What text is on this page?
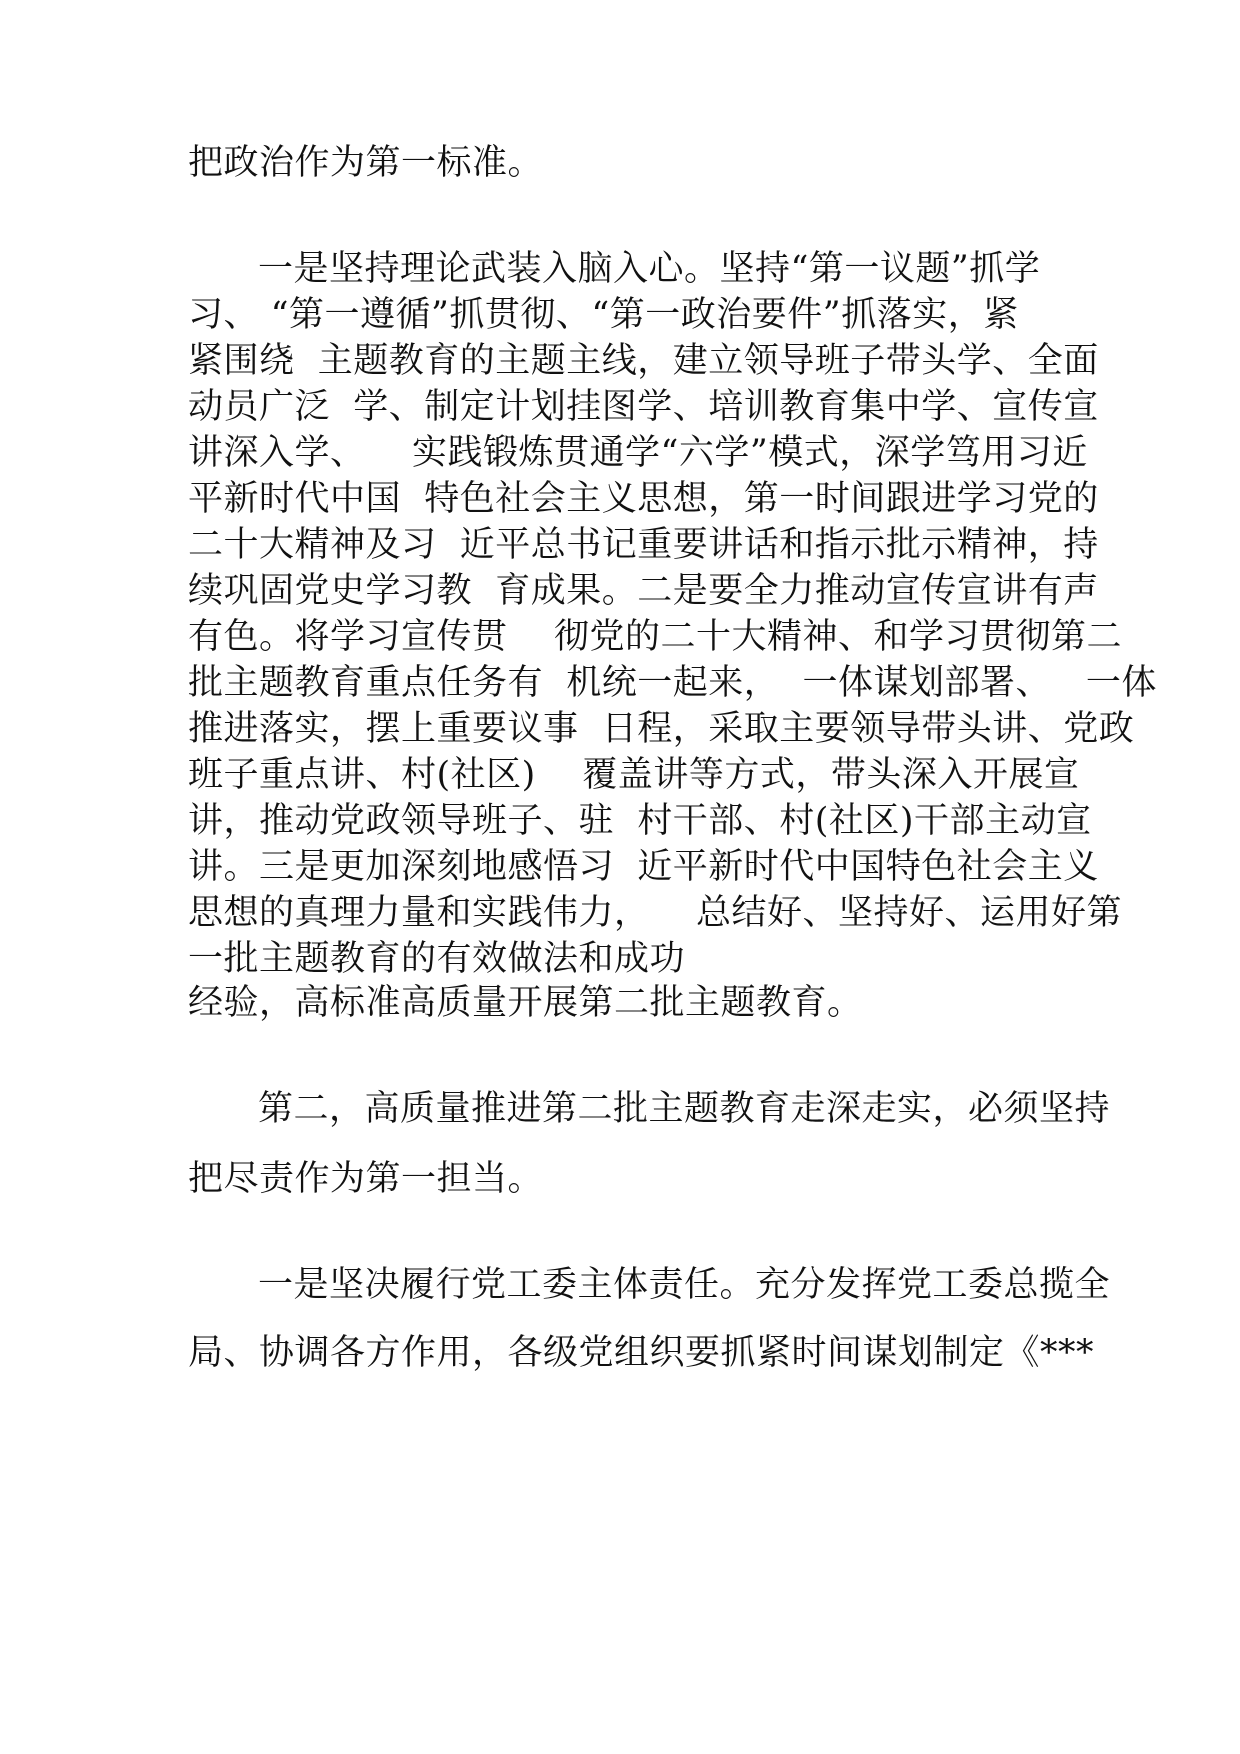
把政治作为第一标准。
一是坚持理论武装入脑入心。坚持“第一议题”抓学
习、 “第一遵循”抓贯彻、“第一政治要件”抓落实，紧
紧围绕  主题教育的主题主线，建立领导班子带头学、全面
动员广泛  学、制定计划挂图学、培训教育集中学、宣传宣
讲深入学、    实践锻炼贯通学“六学”模式，深学笃用习近
平新时代中国  特色社会主义思想，第一时间跟进学习党的
二十大精神及习  近平总书记重要讲话和指示批示精神，持
续巩固党史学习教  育成果。二是要全力推动宣传宣讲有声
有色。将学习宣传贯    彻党的二十大精神、和学习贯彻第二
批主题教育重点任务有  机统一起来，  一体谋划部署、   一体
推进落实，摆上重要议事  日程，采取主要领导带头讲、党政
班子重点讲、村(社区)    覆盖讲等方式，带头深入开展宣
讲，推动党政领导班子、驻  村干部、村(社区)干部主动宣
讲。三是更加深刻地感悟习  近平新时代中国特色社会主义
思想的真理力量和实践伟力，    总结好、坚持好、运用好第
一批主题教育的有效做法和成功
经验，高标准高质量开展第二批主题教育。
第二，高质量推进第二批主题教育走深走实，必须坚持
把尽责作为第一担当。
一是坚决履行党工委主体责任。充分发挥党工委总揽全
局、协调各方作用，各级党组织要抓紧时间谋划制定《***
